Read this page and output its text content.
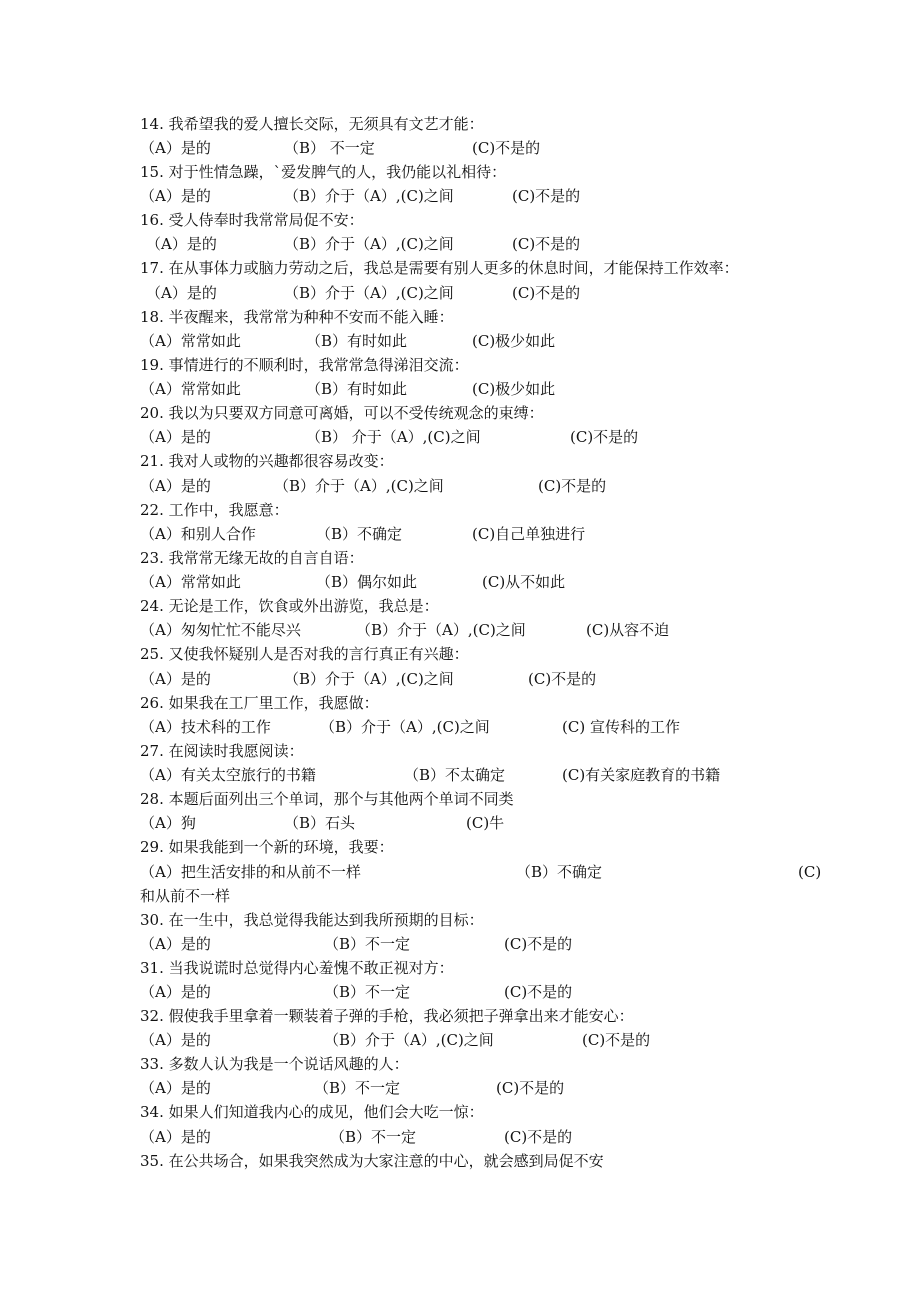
14. 我希望我的爱人擅长交际，无须具有文艺才能：
（A）是的	（B） 不一定	(C)不是的
15. 对于性情急躁，`爱发脾气的人，我仍能以礼相待：
（A）是的	（B）介于（A）,(C)之间	(C)不是的
16. 受人侍奉时我常常局促不安：
（A）是的	（B）介于（A）,(C)之间	(C)不是的
17. 在从事体力或脑力劳动之后，我总是需要有别人更多的休息时间，才能保持工作效率：
（A）是的	（B）介于（A）,(C)之间	(C)不是的
18. 半夜醒来，我常常为种种不安而不能入睡：
（A）常常如此	（B）有时如此	(C)极少如此
19. 事情进行的不顺利时，我常常急得涕泪交流：
（A）常常如此	（B）有时如此	(C)极少如此
20. 我以为只要双方同意可离婚，可以不受传统观念的束缚：
（A）是的	（B） 介于（A）,(C)之间	(C)不是的
21. 我对人或物的兴趣都很容易改变：
（A）是的	（B）介于（A）,(C)之间	(C)不是的
22. 工作中，我愿意：
（A）和别人合作	（B）不确定	(C)自己单独进行
23. 我常常无缘无故的自言自语：
（A）常常如此	（B）偶尔如此	(C)从不如此
24. 无论是工作，饮食或外出游览，我总是：
（A）匆匆忙忙不能尽兴	（B）介于（A）,(C)之间	(C)从容不迫
25. 又使我怀疑别人是否对我的言行真正有兴趣：
（A）是的	（B）介于（A）,(C)之间	(C)不是的
26. 如果我在工厂里工作，我愿做：
（A）技术科的工作	（B）介于（A）,(C)之间	(C) 宣传科的工作
27. 在阅读时我愿阅读：
（A）有关太空旅行的书籍	（B）不太确定	(C)有关家庭教育的书籍
28. 本题后面列出三个单词，那个与其他两个单词不同类
（A）狗	（B）石头	(C)牛
29. 如果我能到一个新的环境，我要：
（A）把生活安排的和从前不一样	（B）不确定	(C)
和从前不一样
30. 在一生中，我总觉得我能达到我所预期的目标：
（A）是的	（B）不一定	(C)不是的
31. 当我说谎时总觉得内心羞愧不敢正视对方：
（A）是的	（B）不一定	(C)不是的
32. 假使我手里拿着一颗装着子弹的手枪，我必须把子弹拿出来才能安心：
（A）是的	（B）介于（A）,(C)之间	(C)不是的
33. 多数人认为我是一个说话风趣的人：
（A）是的	（B）不一定	(C)不是的
34. 如果人们知道我内心的成见，他们会大吃一惊：
（A）是的	（B）不一定	(C)不是的
35. 在公共场合，如果我突然成为大家注意的中心，就会感到局促不安
